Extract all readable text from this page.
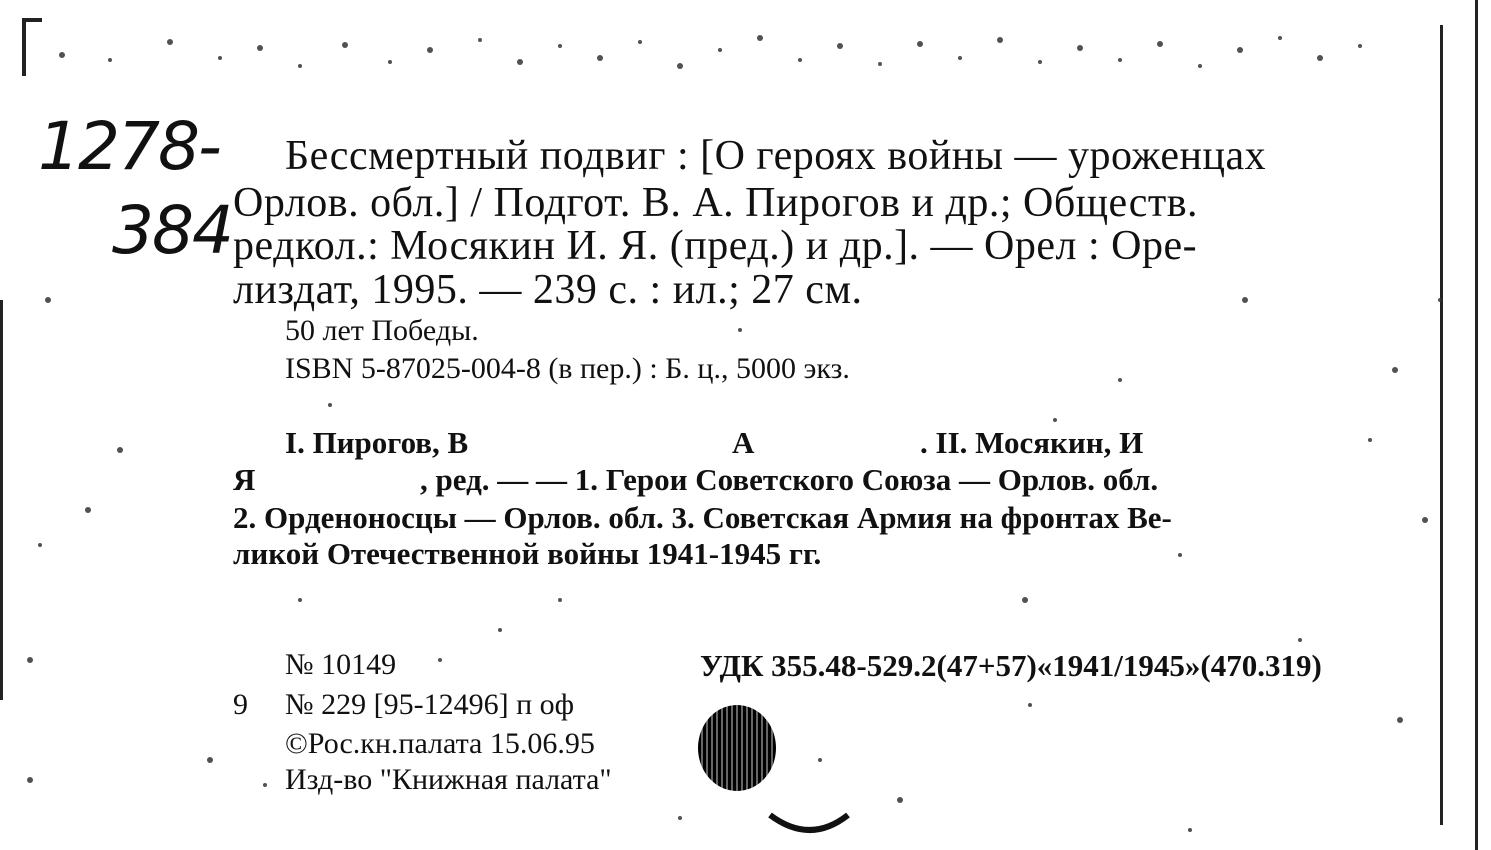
1278-
384
Бессмертный подвиг : [О героях войны — уроженцах
Орлов. обл.] / Подгот. В. А. Пирогов и др.; Обществ.
редкол.: Мосякин И. Я. (пред.) и др.]. — Орел : Оре-
лиздат, 1995. — 239 с. : ил.; 27 см.
50 лет Победы.
ISBN 5-87025-004-8 (в пер.) : Б. ц., 5000 экз.
I. Пирогов, В	А	. II. Мосякин, И
Я	, ред. — — 1. Герои Советского Союза — Орлов. обл.
2. Орденоносцы — Орлов. обл. 3. Советская Армия на фронтах Ве-
ликой Отечественной войны 1941-1945 гг.
№ 10149	УДК 355.48-529.2(47+57)«1941/1945»(470.319)
9 № 229 [95-12496] п оф
©Рос.кн.палата 15.06.95
Изд-во "Книжная палата"
